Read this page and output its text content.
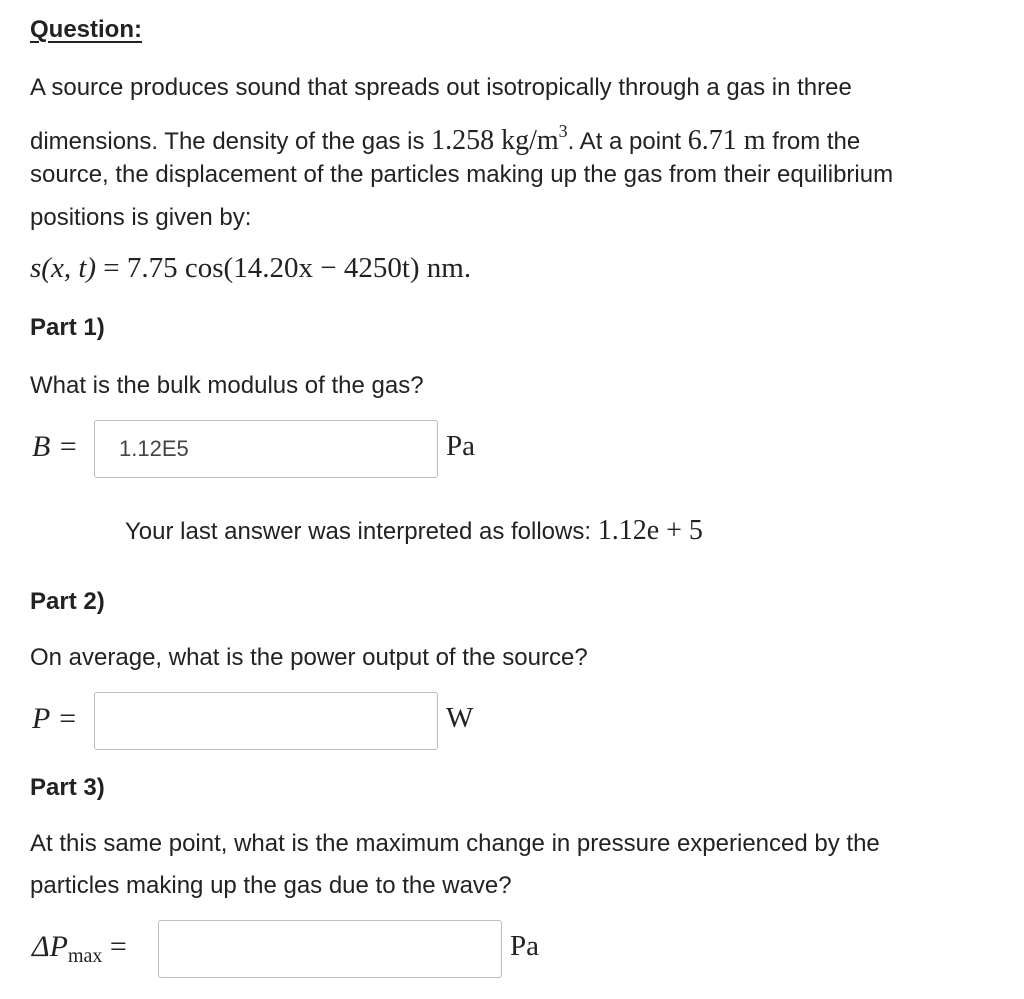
Question:
A source produces sound that spreads out isotropically through a gas in three
dimensions. The density of the gas is 1.258 $kg/m^3$. At a point 6.71 m from the
source, the displacement of the particles making up the gas from their equilibrium
positions is given by:
s(x, t) = 7.75 cos(14.20x − 4250t) nm.
Part 1)
What is the bulk modulus of the gas?
B =	1.12E5	Pa
Your last answer was interpreted as follows: 1.12e + 5
Part 2)
On average, what is the power output of the source?
P =	W
Part 3)
At this same point, what is the maximum change in pressure experienced by the
particles making up the gas due to the wave?
$\Delta P_{max}$ =	Pa
